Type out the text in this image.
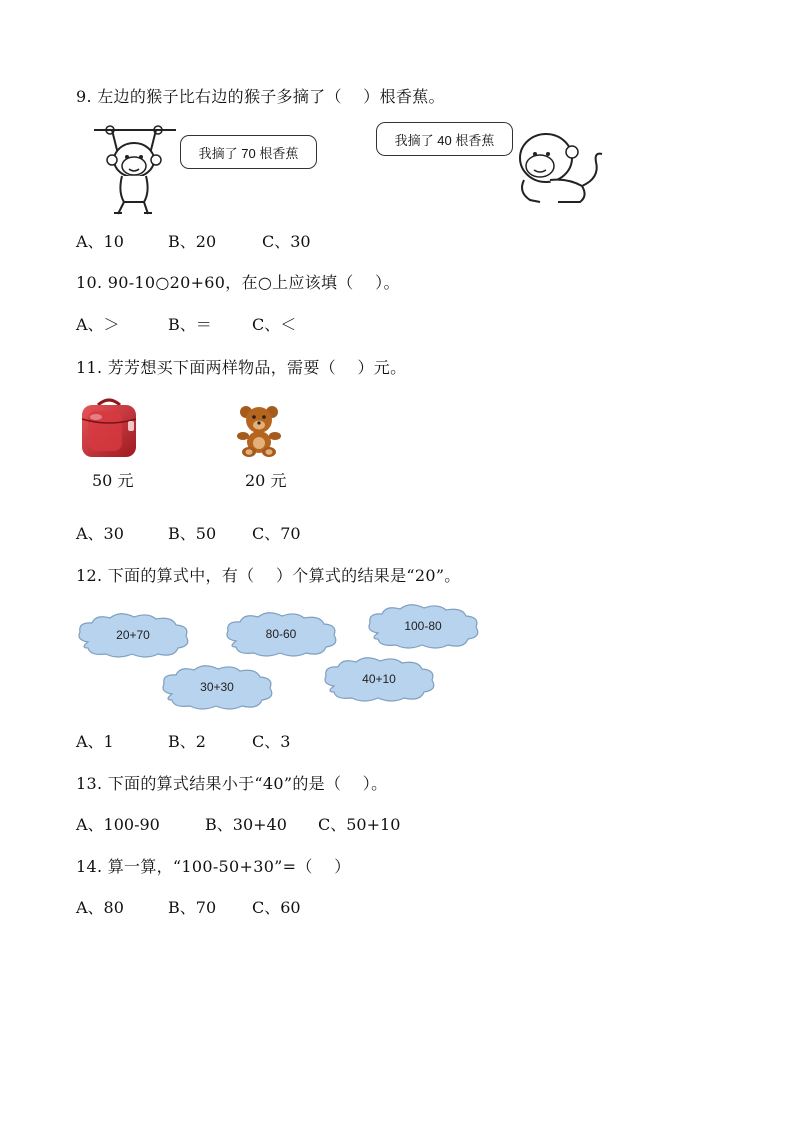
9. 左边的猴子比右边的猴子多摘了（    ）根香蕉。
我摘了 70 根香蕉
我摘了 40 根香蕉
A、10	B、20	C、30
10. 90-10○20+60，在○上应该填（    ）。
A、＞	B、＝	C、＜
11. 芳芳想买下面两样物品，需要（    ）元。
50 元	20 元
A、30	B、50 C、70
12. 下面的算式中，有（    ）个算式的结果是“20”。
20+70	80-60
100-80
30+30
40+10
A、1	B、2	C、3
13. 下面的算式结果小于“40”的是（    ）。
A、100-90	B、30+40 C、50+10
14. 算一算，“100-50+30”=（    ）
A、80	B、70 C、60
